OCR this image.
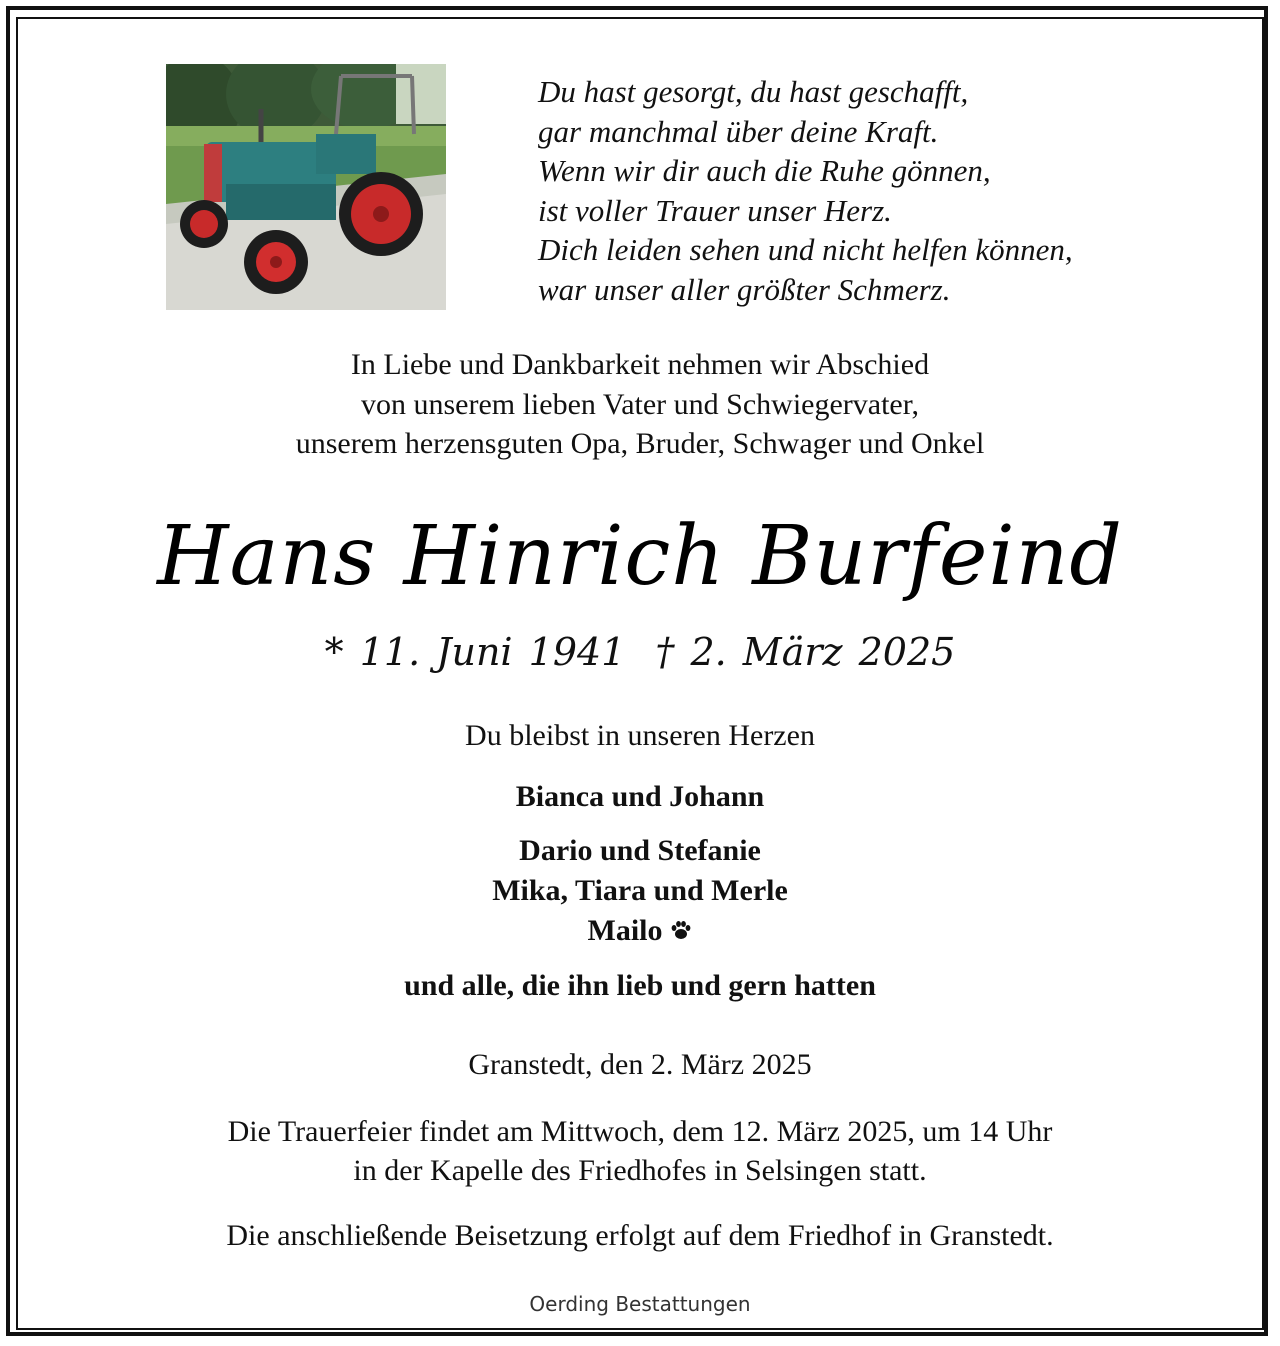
Du hast gesorgt, du hast geschafft,
gar manchmal über deine Kraft.
Wenn wir dir auch die Ruhe gönnen,
ist voller Trauer unser Herz.
Dich leiden sehen und nicht helfen können,
war unser aller größter Schmerz.
In Liebe und Dankbarkeit nehmen wir Abschied
von unserem lieben Vater und Schwiegervater,
unserem herzensguten Opa, Bruder, Schwager und Onkel
Hans Hinrich Burfeind
* 11. Juni 1941 † 2. März 2025
Du bleibst in unseren Herzen
Bianca und Johann
Dario und Stefanie
Mika, Tiara und Merle
Mailo
und alle, die ihn lieb und gern hatten
Granstedt, den 2. März 2025
Die Trauerfeier findet am Mittwoch, dem 12. März 2025, um 14 Uhr
in der Kapelle des Friedhofes in Selsingen statt.
Die anschließende Beisetzung erfolgt auf dem Friedhof in Granstedt.
Oerding Bestattungen
